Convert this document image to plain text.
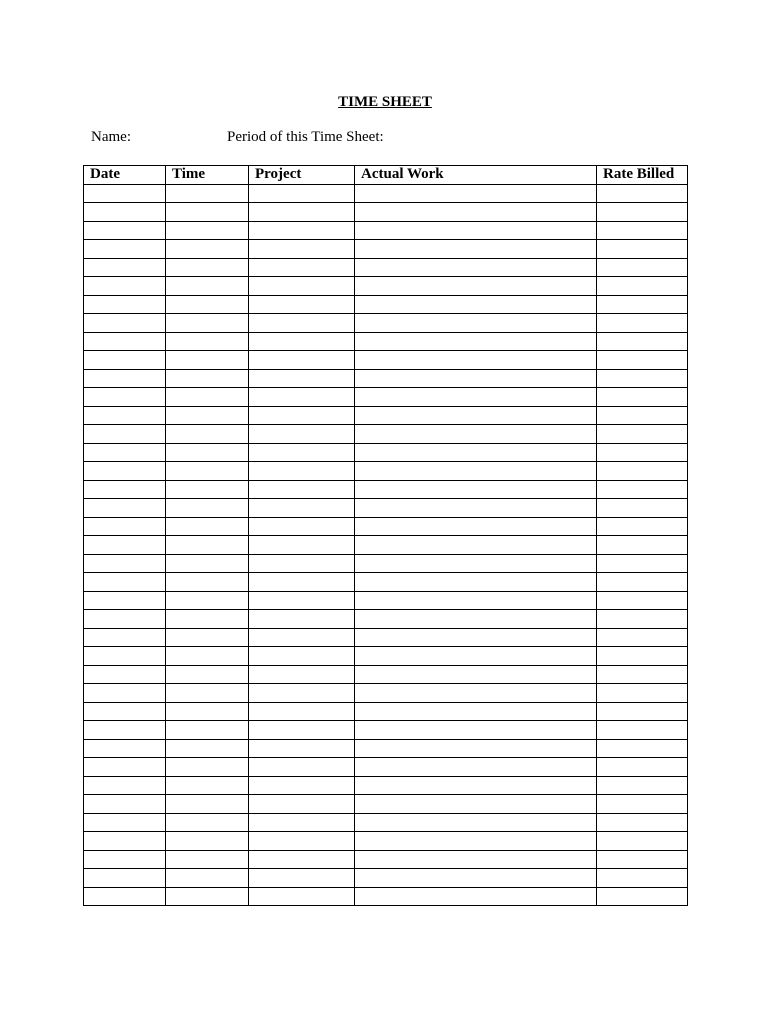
TIME SHEET
Name:	Period of this Time Sheet:
Date	Time	Project	Actual Work	Rate Billed
